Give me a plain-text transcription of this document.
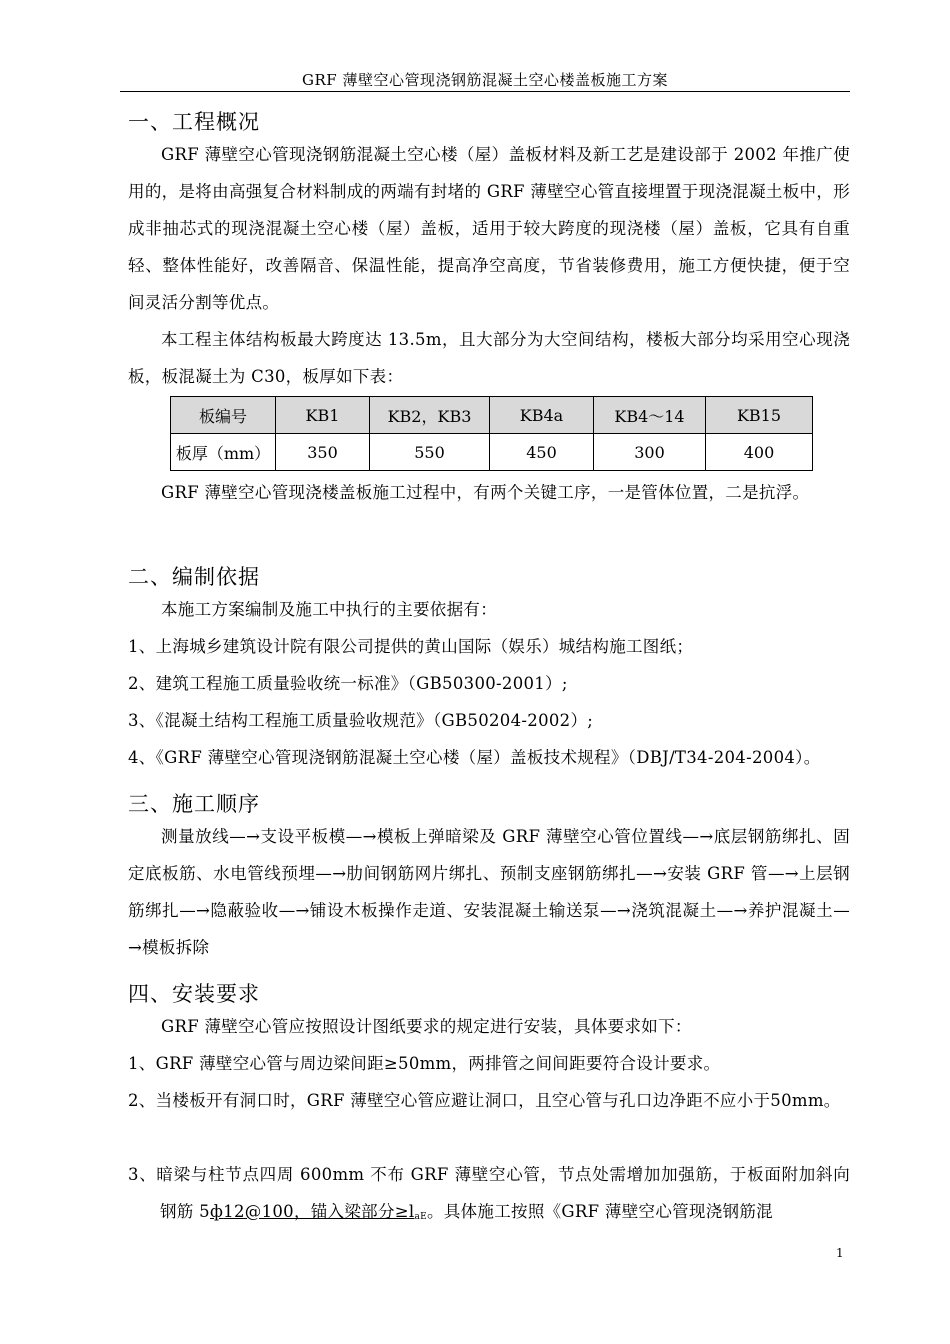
GRF 薄壁空心管现浇钢筋混凝土空心楼盖板施工方案
一、工程概况

GRF 薄壁空心管现浇钢筋混凝土空心楼（屋）盖板材料及新工艺是建设部于 2002 年推广使用的，是将由高强复合材料制成的两端有封堵的 GRF 薄壁空心管直接埋置于现浇混凝土板中，形成非抽芯式的现浇混凝土空心楼（屋）盖板，适用于较大跨度的现浇楼（屋）盖板，它具有自重轻、整体性能好，改善隔音、保温性能，提高净空高度，节省装修费用，施工方便快捷，便于空间灵活分割等优点。

本工程主体结构板最大跨度达 13.5m，且大部分为大空间结构，楼板大部分均采用空心现浇板，板混凝土为 C30，板厚如下表：

板编号	KB1	KB2，KB3	KB4a	KB4～14	KB15
板厚（mm）	350	550	450	300	400

GRF 薄壁空心管现浇楼盖板施工过程中，有两个关键工序，一是管体位置，二是抗浮。

二、编制依据

本施工方案编制及施工中执行的主要依据有：

1、上海城乡建筑设计院有限公司提供的黄山国际（娱乐）城结构施工图纸；

2、建筑工程施工质量验收统一标准》（GB50300-2001）;

3、《混凝土结构工程施工质量验收规范》（GB50204-2002）;

4、《GRF 薄壁空心管现浇钢筋混凝土空心楼（屋）盖板技术规程》（DBJ/T34-204-2004）。

三、施工顺序

测量放线—→支设平板模—→模板上弹暗梁及 GRF 薄壁空心管位置线—→底层钢筋绑扎、固定底板筋、水电管线预埋—→肋间钢筋网片绑扎、预制支座钢筋绑扎—→安装 GRF 管—→上层钢筋绑扎—→隐蔽验收—→铺设木板操作走道、安装混凝土输送泵—→浇筑混凝土—→养护混凝土—→模板拆除

四、安装要求

GRF 薄壁空心管应按照设计图纸要求的规定进行安装，具体要求如下：

1、GRF 薄壁空心管与周边梁间距≥50mm，两排管之间间距要符合设计要求。

2、当楼板开有洞口时，GRF 薄壁空心管应避让洞口，且空心管与孔口边净距不应小于50mm。

3、暗梁与柱节点四周 600mm 不布 GRF 薄壁空心管，节点处需增加加强筋，于板面附加斜向钢筋 5ф12@100，锚入梁部分$\ge l_{aE}$。具体施工按照《GRF 薄壁空心管现浇钢筋混

1
